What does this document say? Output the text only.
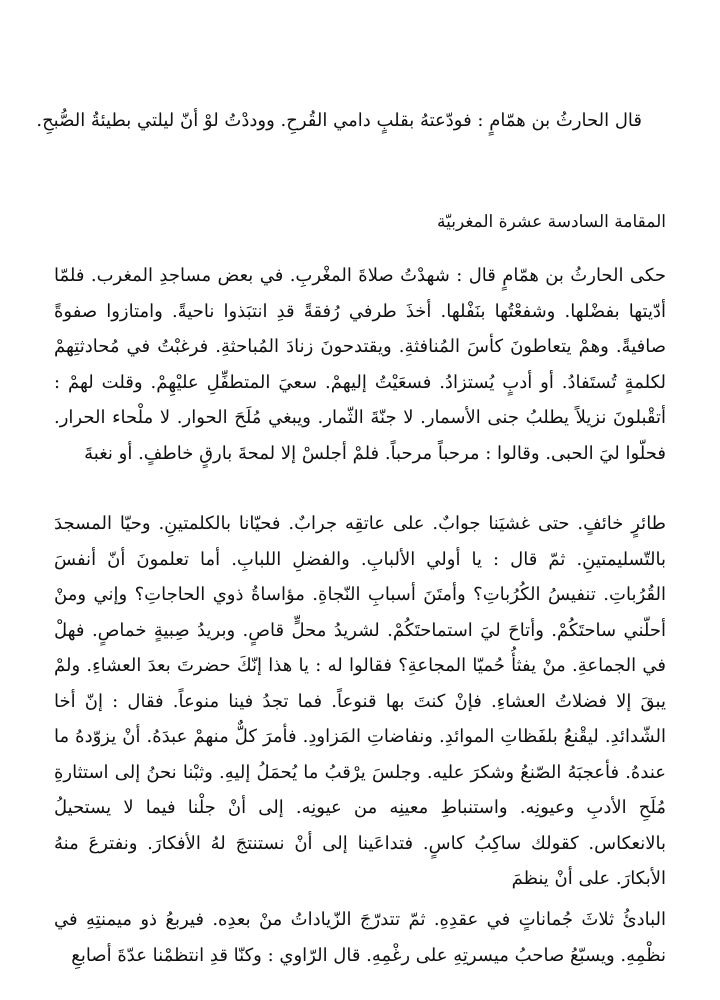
قال الحارثُ بن همّامٍ : فودّعتهُ بقلبٍ دامي القُرحِ. ووددْتُ لوْ أنّ ليلتي بطيئةُ الصُّبحِ.
المقامة السادسة عشرة المغربيّة

حكى الحارثُ بن همّامٍ قال : شهدْتُ صلاةَ المغْربِ. في بعض مساجدِ المغرب. فلمّا أدّيتها بفضْلها. وشفعْتُها بنَفْلها. أخذَ طرفي رُفقةً قدِ انتبَذوا ناحيةً. وامتازوا صفوةً صافيةً. وهمْ يتعاطونَ كأسَ المُنافثةِ. ويقتدحونَ زنادَ المُباحثةِ. فرغبْتُ في مُحادثتِهمْ لكلمةٍ تُستَفادُ. أو أدبٍ يُستزادُ. فسعَيْتُ إليهمْ. سعيَ المتطفِّلِ عليْهِمْ. وقلت لهمْ : أتقْبلونَ نزيلاً يطلبُ جنى الأسمار. لا جنّةَ الثّمار. ويبغي مُلَحَ الحوار. لا ملْحاء الحرار. فحلّوا ليَ الحبى. وقالوا : مرحباً مرحباً. فلمْ أجلسْ إلا لمحةَ بارقٍ خاطفٍ. أو نغبةَ

طائرٍ خائفٍ. حتى غشيَنا جوابٌ. على عاتقِه جرابٌ. فحيّانا بالكلمتينِ. وحيّا المسجدَ بالتّسليمتينِ. ثمّ قال : يا أولي الألبابِ. والفضلِ اللبابِ. أما تعلمونَ أنّ أنفسَ القُرُباتِ. تنفيسُ الكُرُباتِ؟ وأمتَنَ أسبابِ النّجاةِ. مؤاساةُ ذوي الحاجاتِ؟ وإني ومنْ أحلّني ساحتَكُمْ. وأتاحَ ليَ استماحتَكُمْ. لشريدُ محلٍّ قاصٍ. وبريدُ صِبيةٍ خماصٍ. فهلْ في الجماعةِ. منْ يفثأُ حُميّا المجاعةِ؟ فقالوا له : يا هذا إنّكَ حضرتَ بعدَ العشاءِ. ولمْ يبقَ إلا فضلاتُ العشاءِ. فإنْ كنتَ بها قنوعاً. فما تجدُ فينا منوعاً. فقال : إنّ أخا الشّدائدِ. ليقْنعُ بلفَظاتِ الموائدِ. ونفاضاتِ المَزاودِ. فأمرَ كلٌّ منهمْ عبدَهُ. أنْ يزوّدهُ ما عندهُ. فأعجبَهُ الصّنعُ وشكرَ عليه. وجلسَ يرْقبُ ما يُحمَلُ إليهِ. وثبْنا نحنُ إلى استثارةِ مُلَحِ الأدبِ وعيونِه. واستنباطِ معينِه من عيونِه. إلى أنْ جلْنا فيما لا يستحيلُ بالانعكاس. كقولك ساكِبُ كاسٍ. فتداعَينا إلى أنْ نستنتجَ لهُ الأفكارَ. ونفترعَ منهُ الأبكارَ. على أنْ ينظمَ

البادئُ ثلاثَ جُماناتٍ في عقدِهِ. ثمّ تتدرّجَ الزّياداتُ منْ بعدِه. فيربعُ ذو ميمنتِهِ في نظْمِهِ. ويسبّعُ صاحبُ ميسرتِهِ على رغْمِهِ. قال الرّاوي : وكنّا قدِ انتظمْنا عدّةَ أصابعِ
